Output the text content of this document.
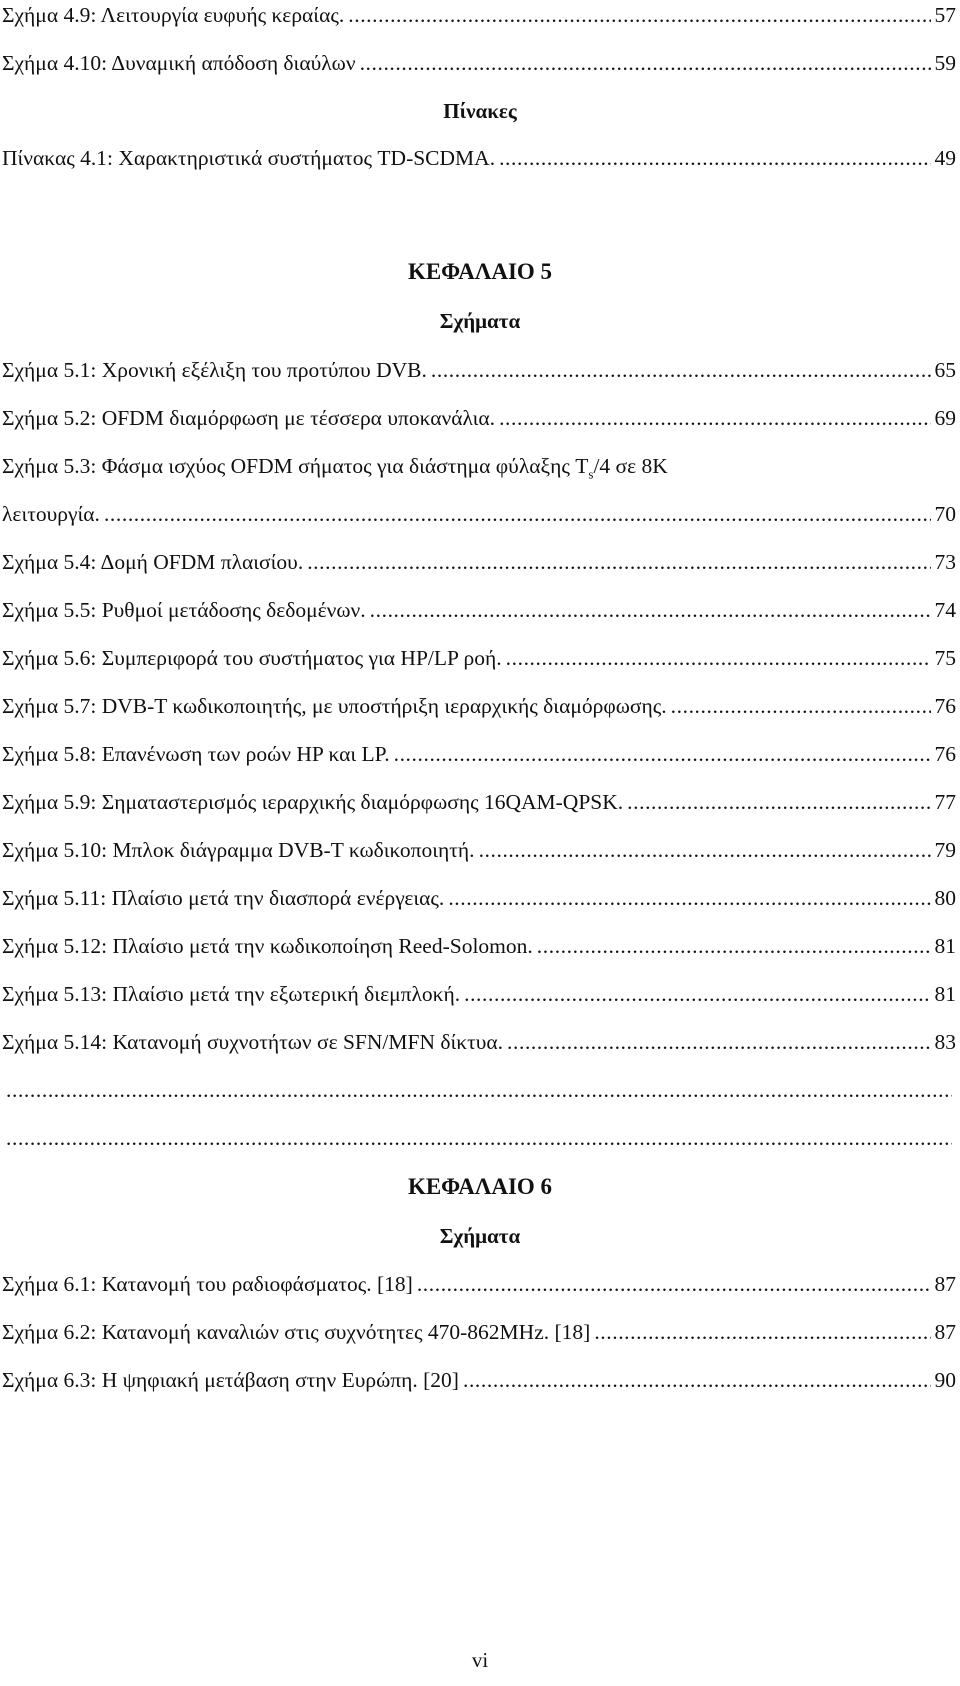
Σχήμα 4.9: Λειτουργία ευφυής κεραίας. .....	57
Σχήμα 4.10: Δυναμική απόδοση διαύλων .....	59
Πίνακες
Πίνακας 4.1: Χαρακτηριστικά συστήματος TD-SCDMA. .....	49
ΚΕΦΑΛΑΙΟ 5
Σχήματα
Σχήμα 5.1: Χρονική εξέλιξη του προτύπου DVB. .....	65
Σχήμα 5.2: OFDM διαμόρφωση με τέσσερα υποκανάλια. .....	69
Σχήμα 5.3: Φάσμα ισχύος OFDM σήματος για διάστημα φύλαξης $T_s/4$ σε 8K
λειτουργία. .....	70
Σχήμα 5.4: Δομή OFDM πλαισίου. .....	73
Σχήμα 5.5: Ρυθμοί μετάδοσης δεδομένων. .....	74
Σχήμα 5.6: Συμπεριφορά του συστήματος για HP/LP ροή. .....	75
Σχήμα 5.7: DVB-T κωδικοποιητής, με υποστήριξη ιεραρχικής διαμόρφωσης. .....	76
Σχήμα 5.8: Επανένωση των ροών HP και LP. .....	76
Σχήμα 5.9: Σηματαστερισμός ιεραρχικής διαμόρφωσης 16QAM-QPSK. .....	77
Σχήμα 5.10: Μπλοκ διάγραμμα DVB-T κωδικοποιητή. .....	79
Σχήμα 5.11: Πλαίσιο μετά την διασπορά ενέργειας. .....	80
Σχήμα 5.12: Πλαίσιο μετά την κωδικοποίηση Reed-Solomon. .....	81
Σχήμα 5.13: Πλαίσιο μετά την εξωτερική διεμπλοκή. .....	81
Σχήμα 5.14: Κατανομή συχνοτήτων σε SFN/MFN δίκτυα. .....	83
.....
.....
ΚΕΦΑΛΑΙΟ 6
Σχήματα
Σχήμα 6.1: Κατανομή του ραδιοφάσματος. [18] .....	87
Σχήμα 6.2: Κατανομή καναλιών στις συχνότητες 470-862MHz. [18] .....	87
Σχήμα 6.3: Η ψηφιακή μετάβαση στην Ευρώπη. [20] .....	90
vi
